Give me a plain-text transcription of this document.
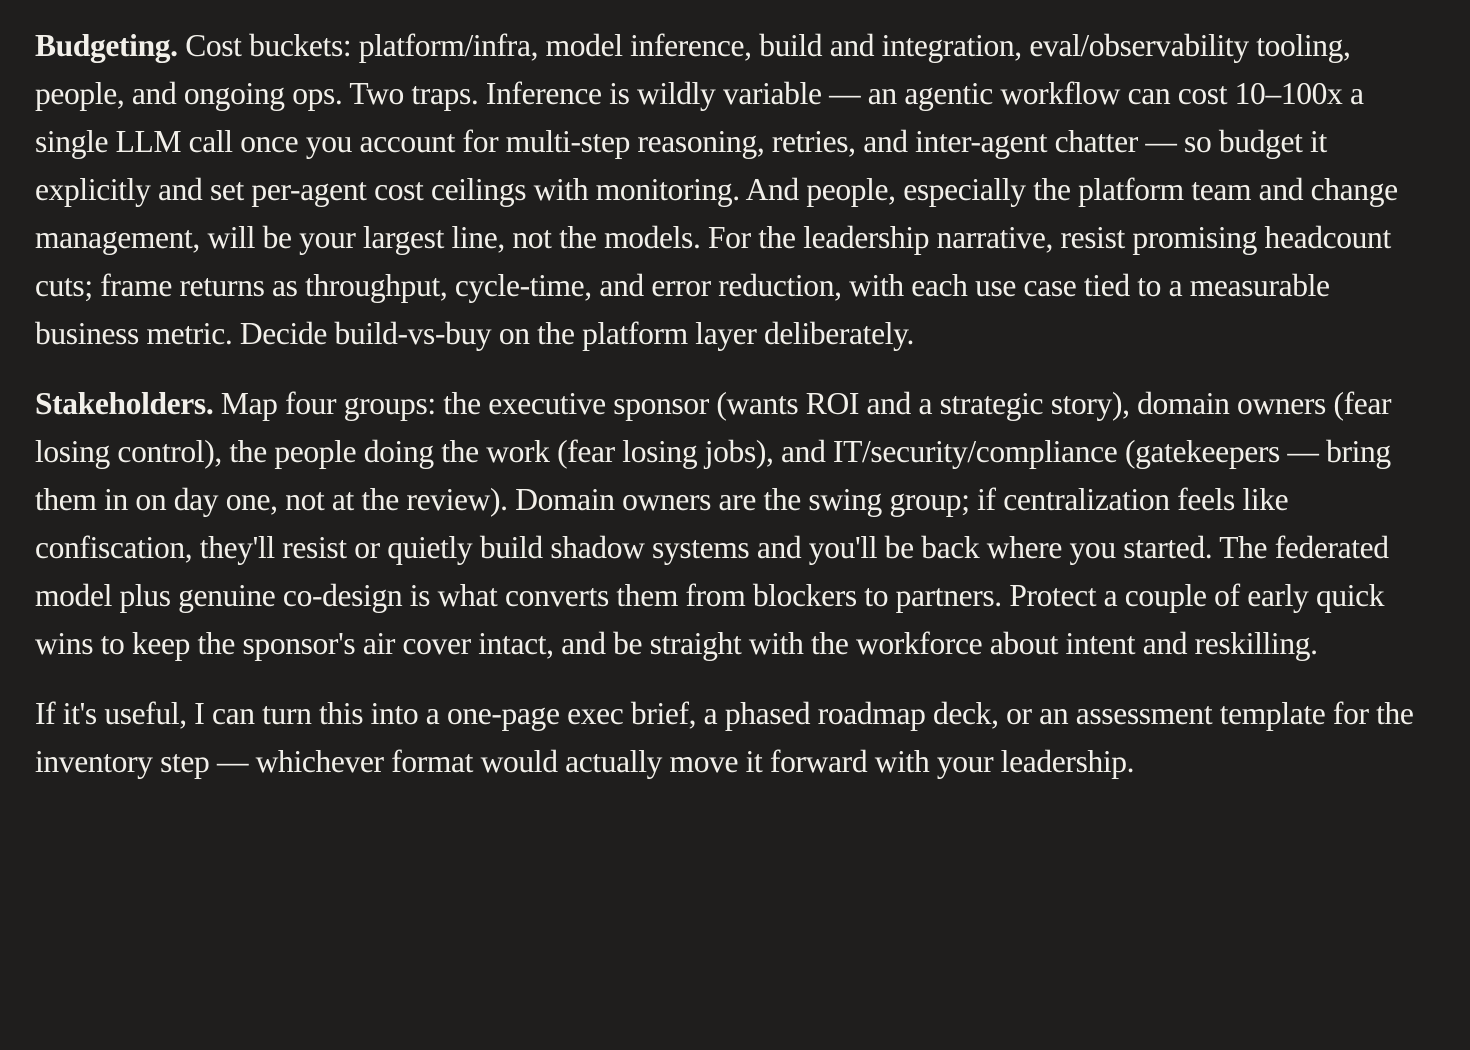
Budgeting. Cost buckets: platform/infra, model inference, build and integration, eval/observability tooling, people, and ongoing ops. Two traps. Inference is wildly variable — an agentic workflow can cost 10–100x a single LLM call once you account for multi-step reasoning, retries, and inter-agent chatter — so budget it explicitly and set per-agent cost ceilings with monitoring. And people, especially the platform team and change management, will be your largest line, not the models. For the leadership narrative, resist promising headcount cuts; frame returns as throughput, cycle-time, and error reduction, with each use case tied to a measurable business metric. Decide build-vs-buy on the platform layer deliberately.

Stakeholders. Map four groups: the executive sponsor (wants ROI and a strategic story), domain owners (fear losing control), the people doing the work (fear losing jobs), and IT/security/compliance (gatekeepers — bring them in on day one, not at the review). Domain owners are the swing group; if centralization feels like confiscation, they'll resist or quietly build shadow systems and you'll be back where you started. The federated model plus genuine co-design is what converts them from blockers to partners. Protect a couple of early quick wins to keep the sponsor's air cover intact, and be straight with the workforce about intent and reskilling.

If it's useful, I can turn this into a one-page exec brief, a phased roadmap deck, or an assessment template for the inventory step — whichever format would actually move it forward with your leadership.
